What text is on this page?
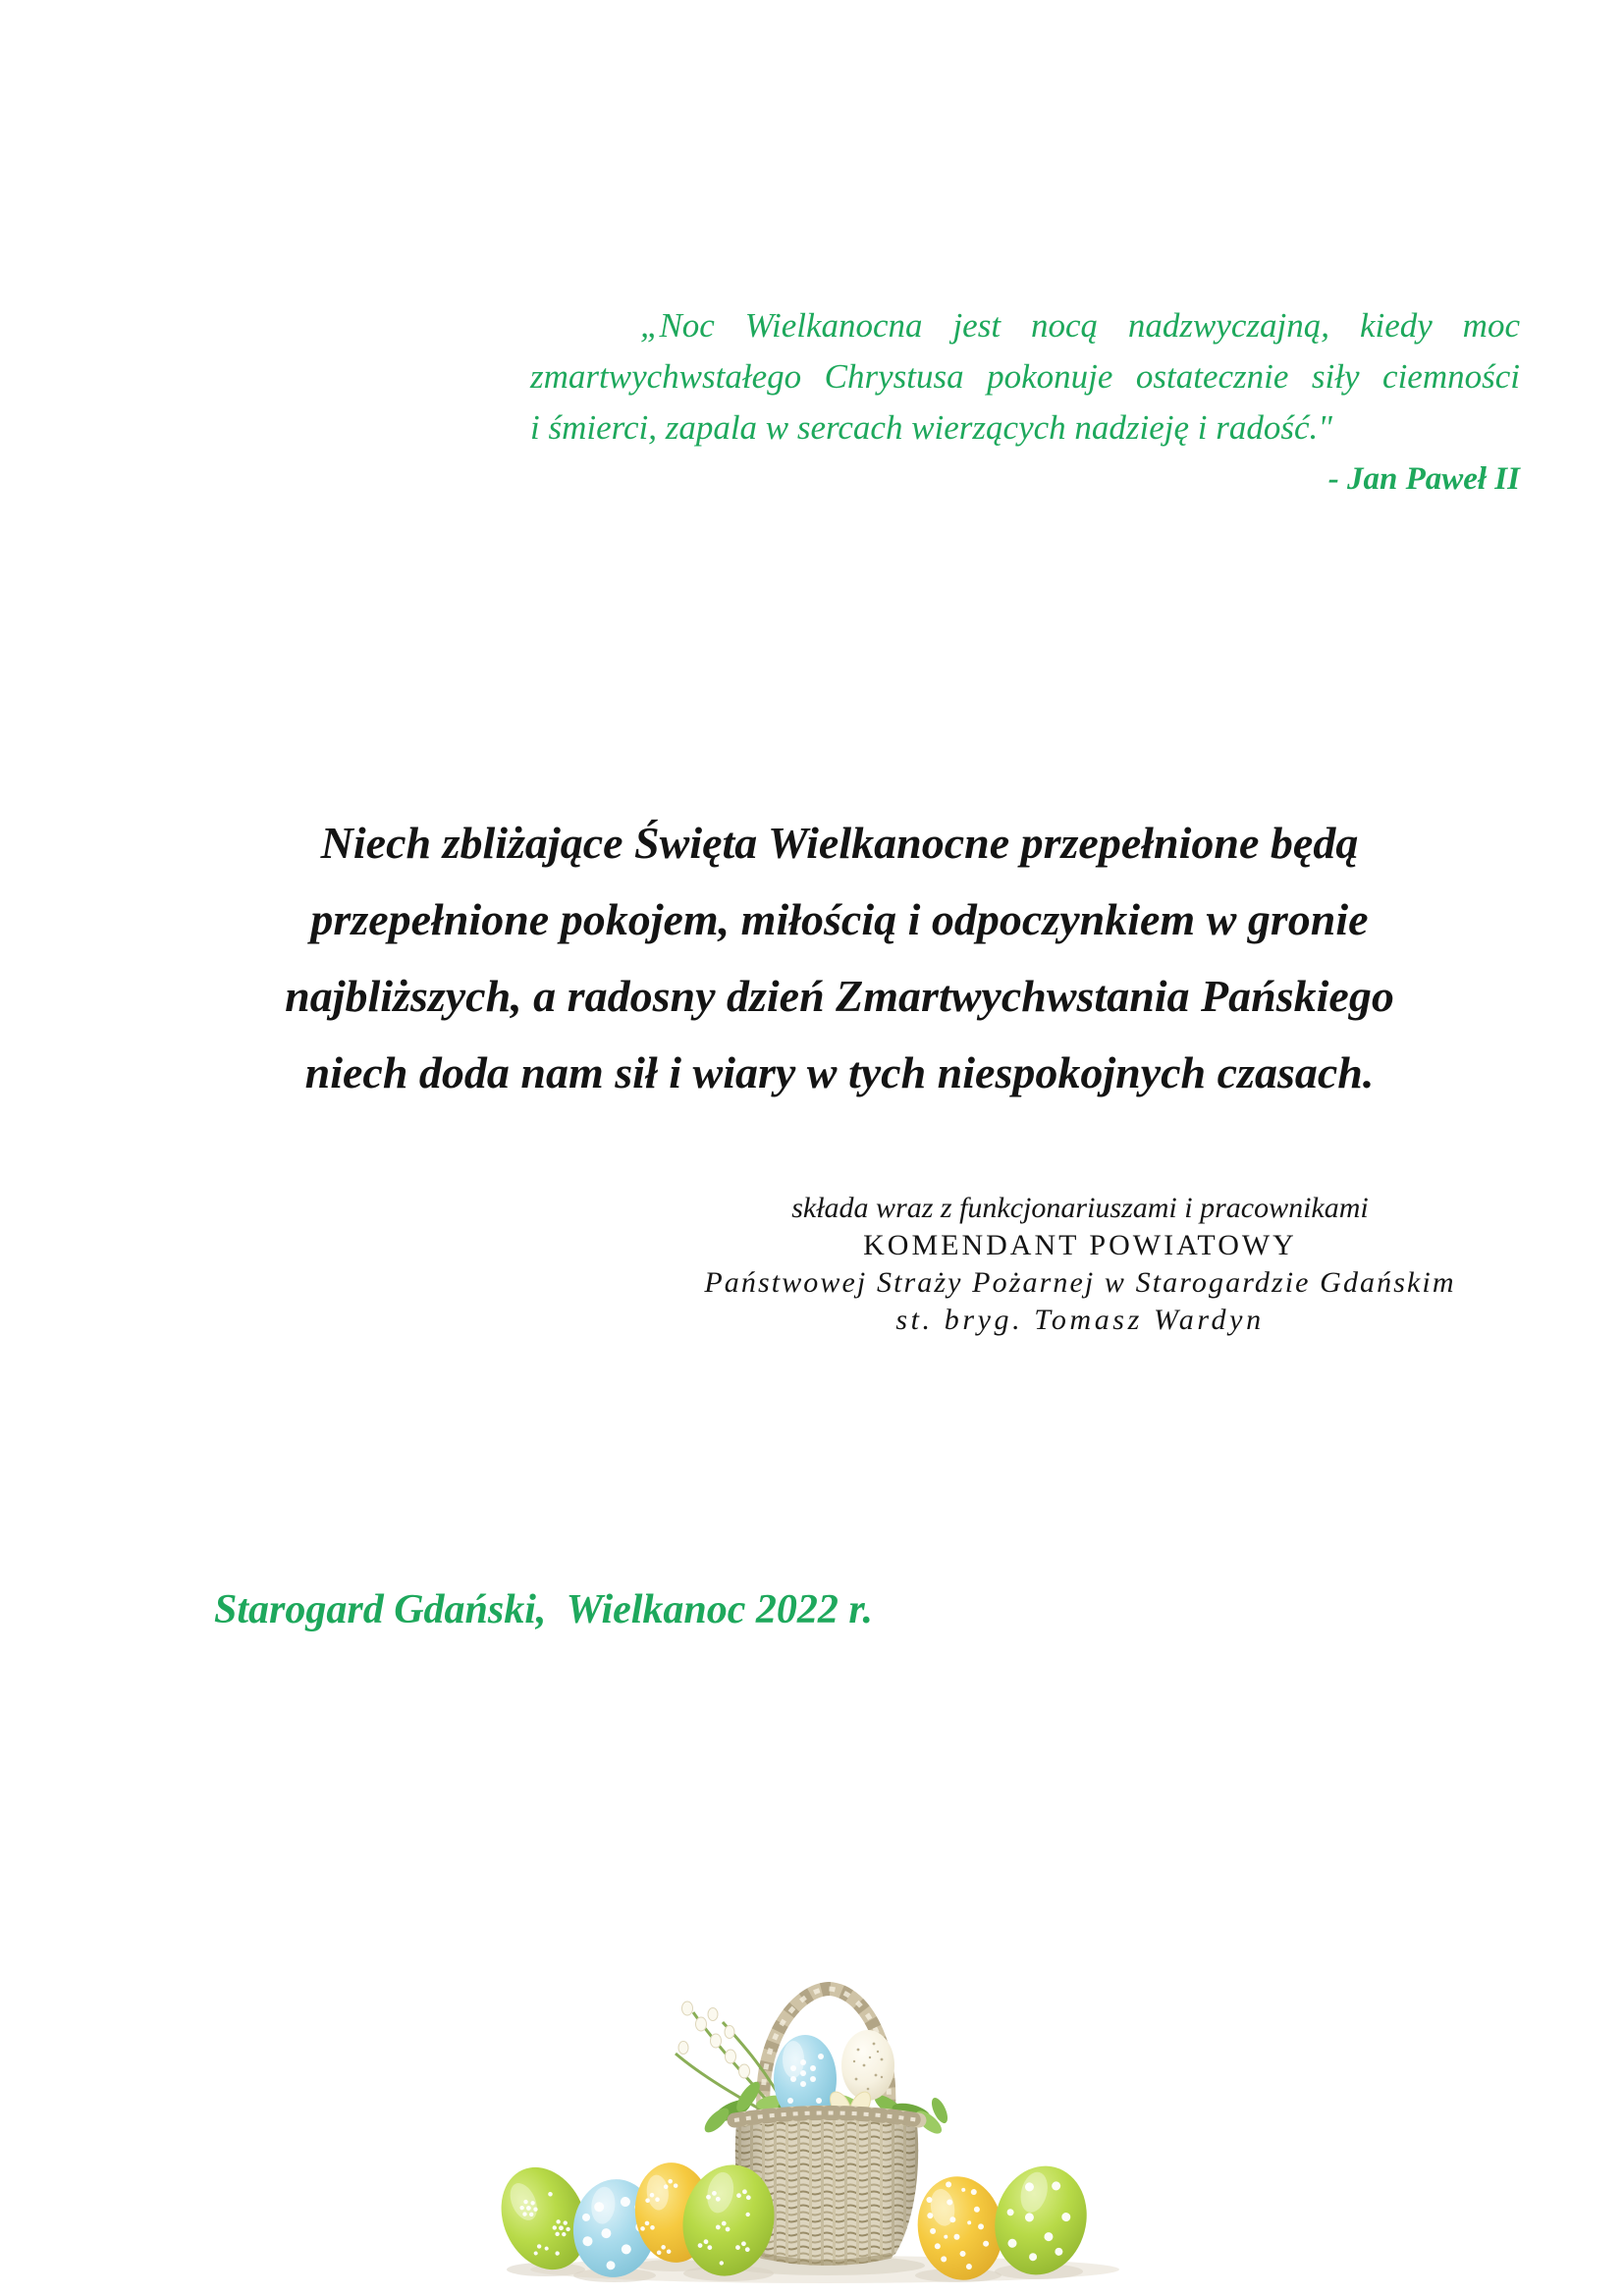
„Noc Wielkanocna jest nocą nadzwyczajną, kiedy moc

zmartwychwstałego Chrystusa pokonuje ostatecznie siły ciemności

i śmierci, zapala w sercach wierzących nadzieję i radość."

- Jan Paweł II
Niech zbliżające Święta Wielkanocne przepełnione będą
przepełnione pokojem, miłością i odpoczynkiem w gronie
najbliższych, a radosny dzień Zmartwychwstania Pańskiego
niech doda nam sił i wiary w tych niespokojnych czasach.

składa wraz z funkcjonariuszami i pracownikami

KOMENDANT POWIATOWY

Państwowej Straży Pożarnej w Starogardzie Gdańskim

st. bryg. Tomasz Wardyn

Starogard Gdański,  Wielkanoc 2022 r.
